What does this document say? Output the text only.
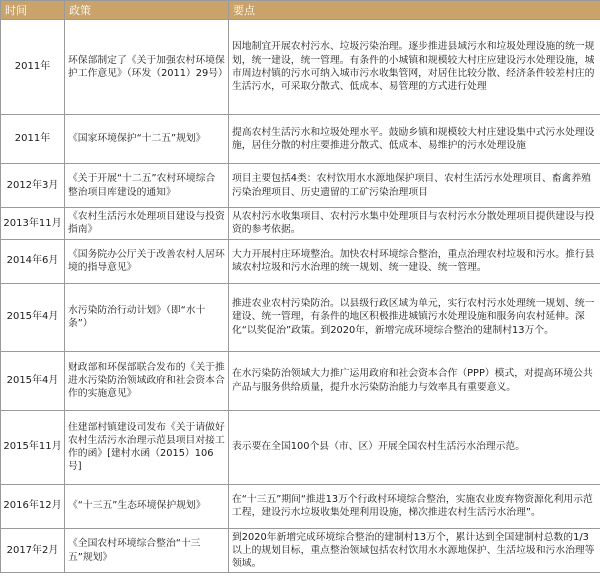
时间	政策	要点
2011年	环保部制定了《关于加强农村环境保护工作意见》（环发（2011）29号）	因地制宜开展农村污水、垃圾污染治理。逐步推进县域污水和垃圾处理设施的统一规划，统一建设，统一管理。有条件的小城镇和规模较大村庄应建设污水处理设施，城市周边村镇的污水可纳入城市污水收集管网，对居住比较分散、经济条件较差村庄的生活污水，可采取分散式、低成本、易管理的方式进行处理
2011年	《国家环境保护“十二五”规划》	提高农村生活污水和垃圾处理水平。鼓励乡镇和规模较大村庄建设集中式污水处理设施，居住分散的村庄要推进分散式、低成本、易维护的污水处理设施
2012年3月	《关于开展“十二五”农村环境综合整治项目库建设的通知》	项目主要包括4类：农村饮用水水源地保护项目、农村生活污水处理项目、畜禽养殖污染治理项目、历史遗留的工矿污染治理项目
2013年11月	《农村生活污水处理项目建设与投资指南》	从农村污水收集项目、农村污水集中处理项目与农村污水分散处理项目提供建设与投资的参考依据。
2014年6月	《国务院办公厅关于改善农村人居环境的指导意见》	大力开展村庄环境整治。加快农村环境综合整治，重点治理农村垃圾和污水。推行县域农村垃圾和污水治理的统一规划、统一建设、统一管理。
2015年4月	水污染防治行动计划》（即“水十条”）	推进农业农村污染防治。以县级行政区域为单元，实行农村污水处理统一规划、统一建设、统一管理，有条件的地区积极推进城镇污水处理设施和服务向农村延伸。深化“以奖促治”政策。到2020年，新增完成环境综合整治的建制村13万个。
2015年4月	财政部和环保部联合发布的《关于推进水污染防治领域政府和社会资本合作的实施意见》	在水污染防治领域大力推广运用政府和社会资本合作（PPP）模式，对提高环境公共产品与服务供给质量，提升水污染防治能力与效率具有重要意义。
2015年11月	住建部村镇建设司发布《关于请做好农村生活污水治理示范县项目对接工作的函》[建村水函（2015）106号]	表示要在全国100个县（市、区）开展全国农村生活污水治理示范。
2016年12月	《“十三五”生态环境保护规划》	在“十三五”期间“推进13万个行政村环境综合整治，实施农业废弃物资源化利用示范工程，建设污水垃圾收集处理利用设施，梯次推进农村生活污水治理”。
2017年2月	《全国农村环境综合整治“十三五”规划》	到2020年新增完成环境综合整治的建制村13万个，累计达到全国建制村总数的1/3以上的规划目标，重点整治领域包括农村饮用水水源地保护、生活垃圾和污水治理等领域。
